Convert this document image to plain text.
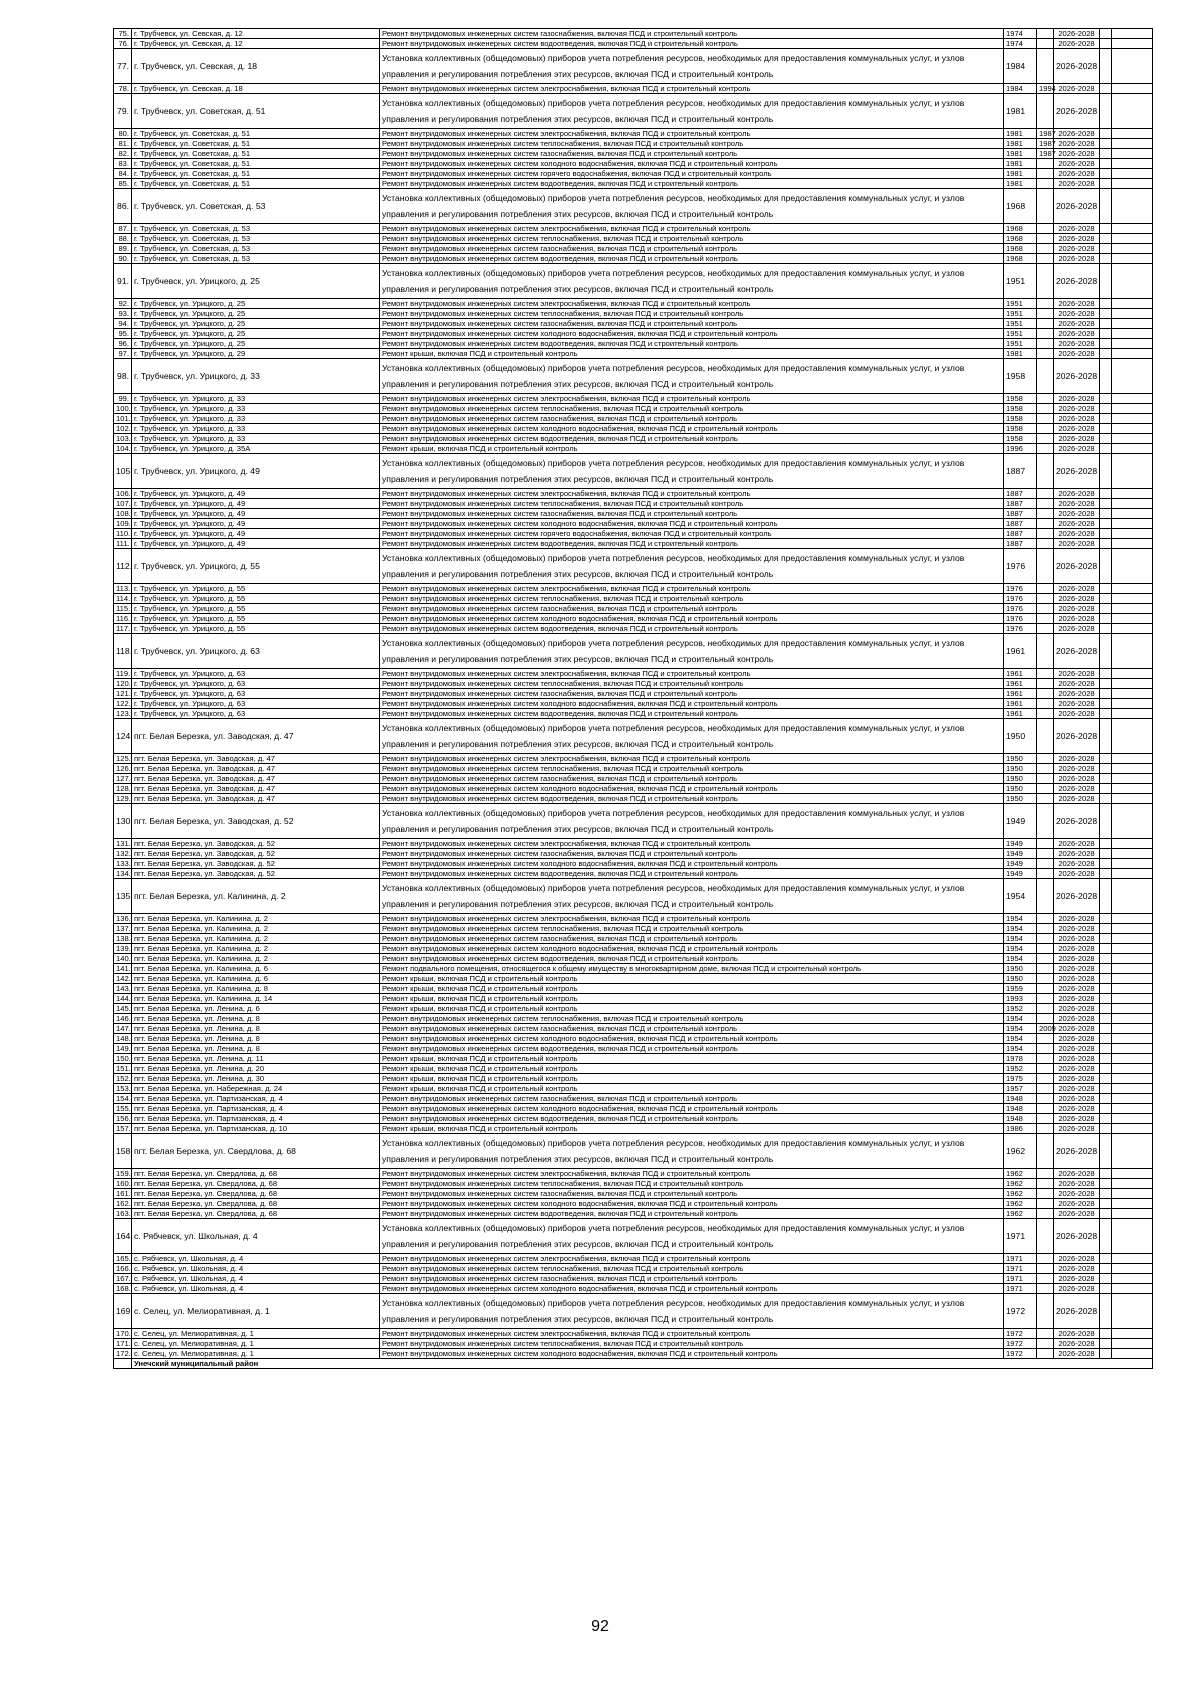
75.	г. Трубчевск, ул. Севская, д. 12	Ремонт внутридомовых инженерных систем газоснабжения, включая ПСД и строительный контроль	1974		2026-2028		
76.	г. Трубчевск, ул. Севская, д. 12	Ремонт внутридомовых инженерных систем водоотведения, включая ПСД и строительный контроль	1974		2026-2028		
77.	г. Трубчевск, ул. Севская, д. 18	Установка коллективных (общедомовых) приборов учета потребления ресурсов, необходимых для предоставления коммунальных услуг, и узлов управления и регулирования потребления этих ресурсов, включая ПСД и строительный контроль	1984		2026-2028		
78.	г. Трубчевск, ул. Севская, д. 18	Ремонт внутридомовых инженерных систем электроснабжения, включая ПСД и строительный контроль	1984	1994	2026-2028		
79.	г. Трубчевск, ул. Советская, д. 51	Установка коллективных (общедомовых) приборов учета потребления ресурсов, необходимых для предоставления коммунальных услуг, и узлов управления и регулирования потребления этих ресурсов, включая ПСД и строительный контроль	1981		2026-2028		
80.	г. Трубчевск, ул. Советская, д. 51	Ремонт внутридомовых инженерных систем электроснабжения, включая ПСД и строительный контроль	1981	1987	2026-2028		
81.	г. Трубчевск, ул. Советская, д. 51	Ремонт внутридомовых инженерных систем теплоснабжения, включая ПСД и строительный контроль	1981	1987	2026-2028		
82.	г. Трубчевск, ул. Советская, д. 51	Ремонт внутридомовых инженерных систем газоснабжения, включая ПСД и строительный контроль	1981	1987	2026-2028		
83.	г. Трубчевск, ул. Советская, д. 51	Ремонт внутридомовых инженерных систем холодного водоснабжения, включая ПСД и строительный контроль	1981		2026-2028		
84.	г. Трубчевск, ул. Советская, д. 51	Ремонт внутридомовых инженерных систем горячего водоснабжения, включая ПСД и строительный контроль	1981		2026-2028		
85.	г. Трубчевск, ул. Советская, д. 51	Ремонт внутридомовых инженерных систем водоотведения, включая ПСД и строительный контроль	1981		2026-2028		
86.	г. Трубчевск, ул. Советская, д. 53	Установка коллективных (общедомовых) приборов учета потребления ресурсов, необходимых для предоставления коммунальных услуг, и узлов управления и регулирования потребления этих ресурсов, включая ПСД и строительный контроль	1968		2026-2028		
87.	г. Трубчевск, ул. Советская, д. 53	Ремонт внутридомовых инженерных систем электроснабжения, включая ПСД и строительный контроль	1968		2026-2028		
88.	г. Трубчевск, ул. Советская, д. 53	Ремонт внутридомовых инженерных систем теплоснабжения, включая ПСД и строительный контроль	1968		2026-2028		
89.	г. Трубчевск, ул. Советская, д. 53	Ремонт внутридомовых инженерных систем газоснабжения, включая ПСД и строительный контроль	1968		2026-2028		
90.	г. Трубчевск, ул. Советская, д. 53	Ремонт внутридомовых инженерных систем водоотведения, включая ПСД и строительный контроль	1968		2026-2028		
91.	г. Трубчевск, ул. Урицкого, д. 25	Установка коллективных (общедомовых) приборов учета потребления ресурсов, необходимых для предоставления коммунальных услуг, и узлов управления и регулирования потребления этих ресурсов, включая ПСД и строительный контроль	1951		2026-2028		
92.	г. Трубчевск, ул. Урицкого, д. 25	Ремонт внутридомовых инженерных систем электроснабжения, включая ПСД и строительный контроль	1951		2026-2028		
93.	г. Трубчевск, ул. Урицкого, д. 25	Ремонт внутридомовых инженерных систем теплоснабжения, включая ПСД и строительный контроль	1951		2026-2028		
94.	г. Трубчевск, ул. Урицкого, д. 25	Ремонт внутридомовых инженерных систем газоснабжения, включая ПСД и строительный контроль	1951		2026-2028		
95.	г. Трубчевск, ул. Урицкого, д. 25	Ремонт внутридомовых инженерных систем холодного водоснабжения, включая ПСД и строительный контроль	1951		2026-2028		
96.	г. Трубчевск, ул. Урицкого, д. 25	Ремонт внутридомовых инженерных систем водоотведения, включая ПСД и строительный контроль	1951		2026-2028		
97.	г. Трубчевск, ул. Урицкого, д. 29	Ремонт крыши, включая ПСД и строительный контроль	1981		2026-2028		
98.	г. Трубчевск, ул. Урицкого, д. 33	Установка коллективных (общедомовых) приборов учета потребления ресурсов, необходимых для предоставления коммунальных услуг, и узлов управления и регулирования потребления этих ресурсов, включая ПСД и строительный контроль	1958		2026-2028		
99.	г. Трубчевск, ул. Урицкого, д. 33	Ремонт внутридомовых инженерных систем электроснабжения, включая ПСД и строительный контроль	1958		2026-2028		
100.	г. Трубчевск, ул. Урицкого, д. 33	Ремонт внутридомовых инженерных систем теплоснабжения, включая ПСД и строительный контроль	1958		2026-2028		
101.	г. Трубчевск, ул. Урицкого, д. 33	Ремонт внутридомовых инженерных систем газоснабжения, включая ПСД и строительный контроль	1958		2026-2028		
102.	г. Трубчевск, ул. Урицкого, д. 33	Ремонт внутридомовых инженерных систем холодного водоснабжения, включая ПСД и строительный контроль	1958		2026-2028		
103.	г. Трубчевск, ул. Урицкого, д. 33	Ремонт внутридомовых инженерных систем водоотведения, включая ПСД и строительный контроль	1958		2026-2028		
104.	г. Трубчевск, ул. Урицкого, д. 35А	Ремонт крыши, включая ПСД и строительный контроль	1996		2026-2028		
105.	г. Трубчевск, ул. Урицкого, д. 49	Установка коллективных (общедомовых) приборов учета потребления ресурсов, необходимых для предоставления коммунальных услуг, и узлов управления и регулирования потребления этих ресурсов, включая ПСД и строительный контроль	1887		2026-2028		
106.	г. Трубчевск, ул. Урицкого, д. 49	Ремонт внутридомовых инженерных систем электроснабжения, включая ПСД и строительный контроль	1887		2026-2028		
107.	г. Трубчевск, ул. Урицкого, д. 49	Ремонт внутридомовых инженерных систем теплоснабжения, включая ПСД и строительный контроль	1887		2026-2028		
108.	г. Трубчевск, ул. Урицкого, д. 49	Ремонт внутридомовых инженерных систем газоснабжения, включая ПСД и строительный контроль	1887		2026-2028		
109.	г. Трубчевск, ул. Урицкого, д. 49	Ремонт внутридомовых инженерных систем холодного водоснабжения, включая ПСД и строительный контроль	1887		2026-2028		
110.	г. Трубчевск, ул. Урицкого, д. 49	Ремонт внутридомовых инженерных систем горячего водоснабжения, включая ПСД и строительный контроль	1887		2026-2028		
111.	г. Трубчевск, ул. Урицкого, д. 49	Ремонт внутридомовых инженерных систем водоотведения, включая ПСД и строительный контроль	1887		2026-2028		
112.	г. Трубчевск, ул. Урицкого, д. 55	Установка коллективных (общедомовых) приборов учета потребления ресурсов, необходимых для предоставления коммунальных услуг, и узлов управления и регулирования потребления этих ресурсов, включая ПСД и строительный контроль	1976		2026-2028		
113.	г. Трубчевск, ул. Урицкого, д. 55	Ремонт внутридомовых инженерных систем электроснабжения, включая ПСД и строительный контроль	1976		2026-2028		
114.	г. Трубчевск, ул. Урицкого, д. 55	Ремонт внутридомовых инженерных систем теплоснабжения, включая ПСД и строительный контроль	1976		2026-2028		
115.	г. Трубчевск, ул. Урицкого, д. 55	Ремонт внутридомовых инженерных систем газоснабжения, включая ПСД и строительный контроль	1976		2026-2028		
116.	г. Трубчевск, ул. Урицкого, д. 55	Ремонт внутридомовых инженерных систем холодного водоснабжения, включая ПСД и строительный контроль	1976		2026-2028		
117.	г. Трубчевск, ул. Урицкого, д. 55	Ремонт внутридомовых инженерных систем водоотведения, включая ПСД и строительный контроль	1976		2026-2028		
118.	г. Трубчевск, ул. Урицкого, д. 63	Установка коллективных (общедомовых) приборов учета потребления ресурсов, необходимых для предоставления коммунальных услуг, и узлов управления и регулирования потребления этих ресурсов, включая ПСД и строительный контроль	1961		2026-2028		
119.	г. Трубчевск, ул. Урицкого, д. 63	Ремонт внутридомовых инженерных систем электроснабжения, включая ПСД и строительный контроль	1961		2026-2028		
120.	г. Трубчевск, ул. Урицкого, д. 63	Ремонт внутридомовых инженерных систем теплоснабжения, включая ПСД и строительный контроль	1961		2026-2028		
121.	г. Трубчевск, ул. Урицкого, д. 63	Ремонт внутридомовых инженерных систем газоснабжения, включая ПСД и строительный контроль	1961		2026-2028		
122.	г. Трубчевск, ул. Урицкого, д. 63	Ремонт внутридомовых инженерных систем холодного водоснабжения, включая ПСД и строительный контроль	1961		2026-2028		
123.	г. Трубчевск, ул. Урицкого, д. 63	Ремонт внутридомовых инженерных систем водоотведения, включая ПСД и строительный контроль	1961		2026-2028		
124.	пгт. Белая Березка, ул. Заводская, д. 47	Установка коллективных (общедомовых) приборов учета потребления ресурсов, необходимых для предоставления коммунальных услуг, и узлов управления и регулирования потребления этих ресурсов, включая ПСД и строительный контроль	1950		2026-2028		
125.	пгт. Белая Березка, ул. Заводская, д. 47	Ремонт внутридомовых инженерных систем электроснабжения, включая ПСД и строительный контроль	1950		2026-2028		
126.	пгт. Белая Березка, ул. Заводская, д. 47	Ремонт внутридомовых инженерных систем теплоснабжения, включая ПСД и строительный контроль	1950		2026-2028		
127.	пгт. Белая Березка, ул. Заводская, д. 47	Ремонт внутридомовых инженерных систем газоснабжения, включая ПСД и строительный контроль	1950		2026-2028		
128.	пгт. Белая Березка, ул. Заводская, д. 47	Ремонт внутридомовых инженерных систем холодного водоснабжения, включая ПСД и строительный контроль	1950		2026-2028		
129.	пгт. Белая Березка, ул. Заводская, д. 47	Ремонт внутридомовых инженерных систем водоотведения, включая ПСД и строительный контроль	1950		2026-2028		
130.	пгт. Белая Березка, ул. Заводская, д. 52	Установка коллективных (общедомовых) приборов учета потребления ресурсов, необходимых для предоставления коммунальных услуг, и узлов управления и регулирования потребления этих ресурсов, включая ПСД и строительный контроль	1949		2026-2028		
131.	пгт. Белая Березка, ул. Заводская, д. 52	Ремонт внутридомовых инженерных систем электроснабжения, включая ПСД и строительный контроль	1949		2026-2028		
132.	пгт. Белая Березка, ул. Заводская, д. 52	Ремонт внутридомовых инженерных систем газоснабжения, включая ПСД и строительный контроль	1949		2026-2028		
133.	пгт. Белая Березка, ул. Заводская, д. 52	Ремонт внутридомовых инженерных систем холодного водоснабжения, включая ПСД и строительный контроль	1949		2026-2028		
134.	пгт. Белая Березка, ул. Заводская, д. 52	Ремонт внутридомовых инженерных систем водоотведения, включая ПСД и строительный контроль	1949		2026-2028		
135.	пгт. Белая Березка, ул. Калинина, д. 2	Установка коллективных (общедомовых) приборов учета потребления ресурсов, необходимых для предоставления коммунальных услуг, и узлов управления и регулирования потребления этих ресурсов, включая ПСД и строительный контроль	1954		2026-2028		
136.	пгт. Белая Березка, ул. Калинина, д. 2	Ремонт внутридомовых инженерных систем электроснабжения, включая ПСД и строительный контроль	1954		2026-2028		
137.	пгт. Белая Березка, ул. Калинина, д. 2	Ремонт внутридомовых инженерных систем теплоснабжения, включая ПСД и строительный контроль	1954		2026-2028		
138.	пгт. Белая Березка, ул. Калинина, д. 2	Ремонт внутридомовых инженерных систем газоснабжения, включая ПСД и строительный контроль	1954		2026-2028		
139.	пгт. Белая Березка, ул. Калинина, д. 2	Ремонт внутридомовых инженерных систем холодного водоснабжения, включая ПСД и строительный контроль	1954		2026-2028		
140.	пгт. Белая Березка, ул. Калинина, д. 2	Ремонт внутридомовых инженерных систем водоотведения, включая ПСД и строительный контроль	1954		2026-2028		
141.	пгт. Белая Березка, ул. Калинина, д. 6	Ремонт подвального помещения, относящегося к общему имуществу в многоквартирном доме, включая ПСД и строительный контроль	1950		2026-2028		
142.	пгт. Белая Березка, ул. Калинина, д. 6	Ремонт крыши, включая ПСД и строительный контроль	1950		2026-2028		
143.	пгт. Белая Березка, ул. Калинина, д. 8	Ремонт крыши, включая ПСД и строительный контроль	1959		2026-2028		
144.	пгт. Белая Березка, ул. Калинина, д. 14	Ремонт крыши, включая ПСД и строительный контроль	1993		2026-2028		
145.	пгт. Белая Березка, ул. Ленина, д. 6	Ремонт крыши, включая ПСД и строительный контроль	1952		2026-2028		
146.	пгт. Белая Березка, ул. Ленина, д. 8	Ремонт внутридомовых инженерных систем теплоснабжения, включая ПСД и строительный контроль	1954		2026-2028		
147.	пгт. Белая Березка, ул. Ленина, д. 8	Ремонт внутридомовых инженерных систем газоснабжения, включая ПСД и строительный контроль	1954	2009	2026-2028		
148.	пгт. Белая Березка, ул. Ленина, д. 8	Ремонт внутридомовых инженерных систем холодного водоснабжения, включая ПСД и строительный контроль	1954		2026-2028		
149.	пгт. Белая Березка, ул. Ленина, д. 8	Ремонт внутридомовых инженерных систем водоотведения, включая ПСД и строительный контроль	1954		2026-2028		
150.	пгт. Белая Березка, ул. Ленина, д. 11	Ремонт крыши, включая ПСД и строительный контроль	1978		2026-2028		
151.	пгт. Белая Березка, ул. Ленина, д. 20	Ремонт крыши, включая ПСД и строительный контроль	1952		2026-2028		
152.	пгт. Белая Березка, ул. Ленина, д. 30	Ремонт крыши, включая ПСД и строительный контроль	1975		2026-2028		
153.	пгт. Белая Березка, ул. Набережная, д. 24	Ремонт крыши, включая ПСД и строительный контроль	1957		2026-2028		
154.	пгт. Белая Березка, ул. Партизанская, д. 4	Ремонт внутридомовых инженерных систем газоснабжения, включая ПСД и строительный контроль	1948		2026-2028		
155.	пгт. Белая Березка, ул. Партизанская, д. 4	Ремонт внутридомовых инженерных систем холодного водоснабжения, включая ПСД и строительный контроль	1948		2026-2028		
156.	пгт. Белая Березка, ул. Партизанская, д. 4	Ремонт внутридомовых инженерных систем водоотведения, включая ПСД и строительный контроль	1948		2026-2028		
157.	пгт. Белая Березка, ул. Партизанская, д. 10	Ремонт крыши, включая ПСД и строительный контроль	1986		2026-2028		
158.	пгт. Белая Березка, ул. Свердлова, д. 68	Установка коллективных (общедомовых) приборов учета потребления ресурсов, необходимых для предоставления коммунальных услуг, и узлов управления и регулирования потребления этих ресурсов, включая ПСД и строительный контроль	1962		2026-2028		
159.	пгт. Белая Березка, ул. Свердлова, д. 68	Ремонт внутридомовых инженерных систем электроснабжения, включая ПСД и строительный контроль	1962		2026-2028		
160.	пгт. Белая Березка, ул. Свердлова, д. 68	Ремонт внутридомовых инженерных систем теплоснабжения, включая ПСД и строительный контроль	1962		2026-2028		
161.	пгт. Белая Березка, ул. Свердлова, д. 68	Ремонт внутридомовых инженерных систем газоснабжения, включая ПСД и строительный контроль	1962		2026-2028		
162.	пгт. Белая Березка, ул. Свердлова, д. 68	Ремонт внутридомовых инженерных систем холодного водоснабжения, включая ПСД и строительный контроль	1962		2026-2028		
163.	пгт. Белая Березка, ул. Свердлова, д. 68	Ремонт внутридомовых инженерных систем водоотведения, включая ПСД и строительный контроль	1962		2026-2028		
164.	с. Рябчевск, ул. Школьная, д. 4	Установка коллективных (общедомовых) приборов учета потребления ресурсов, необходимых для предоставления коммунальных услуг, и узлов управления и регулирования потребления этих ресурсов, включая ПСД и строительный контроль	1971		2026-2028		
165.	с. Рябчевск, ул. Школьная, д. 4	Ремонт внутридомовых инженерных систем электроснабжения, включая ПСД и строительный контроль	1971		2026-2028		
166.	с. Рябчевск, ул. Школьная, д. 4	Ремонт внутридомовых инженерных систем теплоснабжения, включая ПСД и строительный контроль	1971		2026-2028		
167.	с. Рябчевск, ул. Школьная, д. 4	Ремонт внутридомовых инженерных систем газоснабжения, включая ПСД и строительный контроль	1971		2026-2028		
168.	с. Рябчевск, ул. Школьная, д. 4	Ремонт внутридомовых инженерных систем холодного водоснабжения, включая ПСД и строительный контроль	1971		2026-2028		
169.	с. Селец, ул. Мелиоративная, д. 1	Установка коллективных (общедомовых) приборов учета потребления ресурсов, необходимых для предоставления коммунальных услуг, и узлов управления и регулирования потребления этих ресурсов, включая ПСД и строительный контроль	1972		2026-2028		
170.	с. Селец, ул. Мелиоративная, д. 1	Ремонт внутридомовых инженерных систем электроснабжения, включая ПСД и строительный контроль	1972		2026-2028		
171.	с. Селец, ул. Мелиоративная, д. 1	Ремонт внутридомовых инженерных систем теплоснабжения, включая ПСД и строительный контроль	1972		2026-2028		
172.	с. Селец, ул. Мелиоративная, д. 1	Ремонт внутридомовых инженерных систем холодного водоснабжения, включая ПСД и строительный контроль	1972		2026-2028		
	Унечский муниципальный район						
92
